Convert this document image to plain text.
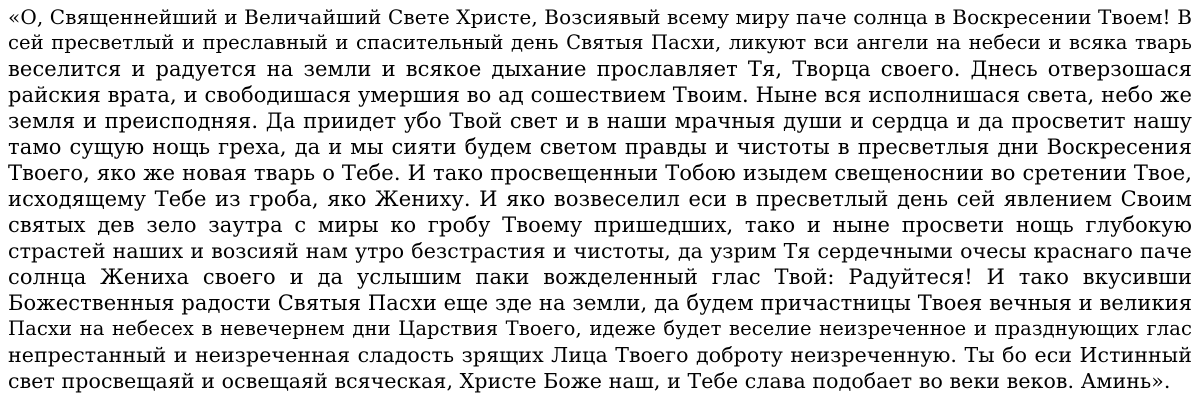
«О, Священнейший и Величайший Свете Христе, Возсиявый всему миру паче солнца в Воскресении Твоем! В
сей пресветлый и преславный и спасительный день Святыя Пасхи, ликуют вси ангели на небеси и всяка тварь
веселится и радуется на земли и всякое дыхание прославляет Тя, Творца своего. Днесь отверзошася
райския врата, и свободишася умершия во ад сошествием Твоим. Ныне вся исполнишася света, небо же
земля и преисподняя. Да приидет убо Твой свет и в наши мрачныя души и сердца и да просветит нашу
тамо сущую нощь греха, да и мы сияти будем светом правды и чистоты в пресветлыя дни Воскресения
Твоего, яко же новая тварь о Тебе. И тако просвещенныи Тобою изыдем свещеноснии во сретении Твое,
исходящему Тебе из гроба, яко Жениху. И яко возвеселил еси в пресветлый день сей явлением Своим
святых дев зело заутра с миры ко гробу Твоему пришедших, тако и ныне просвети нощь глубокую
страстей наших и возсияй нам утро безстрастия и чистоты, да узрим Тя сердечными очесы краснаго паче
солнца Жениха своего и да услышим паки вожделенный глас Твой: Радуйтеся! И тако вкусивши
Божественныя радости Святыя Пасхи еще зде на земли, да будем причастницы Твоея вечныя и великия
Пасхи на небесех в невечернем дни Царствия Твоего, идеже будет веселие неизреченное и празднующих глас
непрестанный и неизреченная сладость зрящих Лица Твоего доброту неизреченную. Ты бо еси Истинный
свет просвещаяй и освещаяй всяческая, Христе Боже наш, и Тебе слава подобает во веки веков. Аминь».
